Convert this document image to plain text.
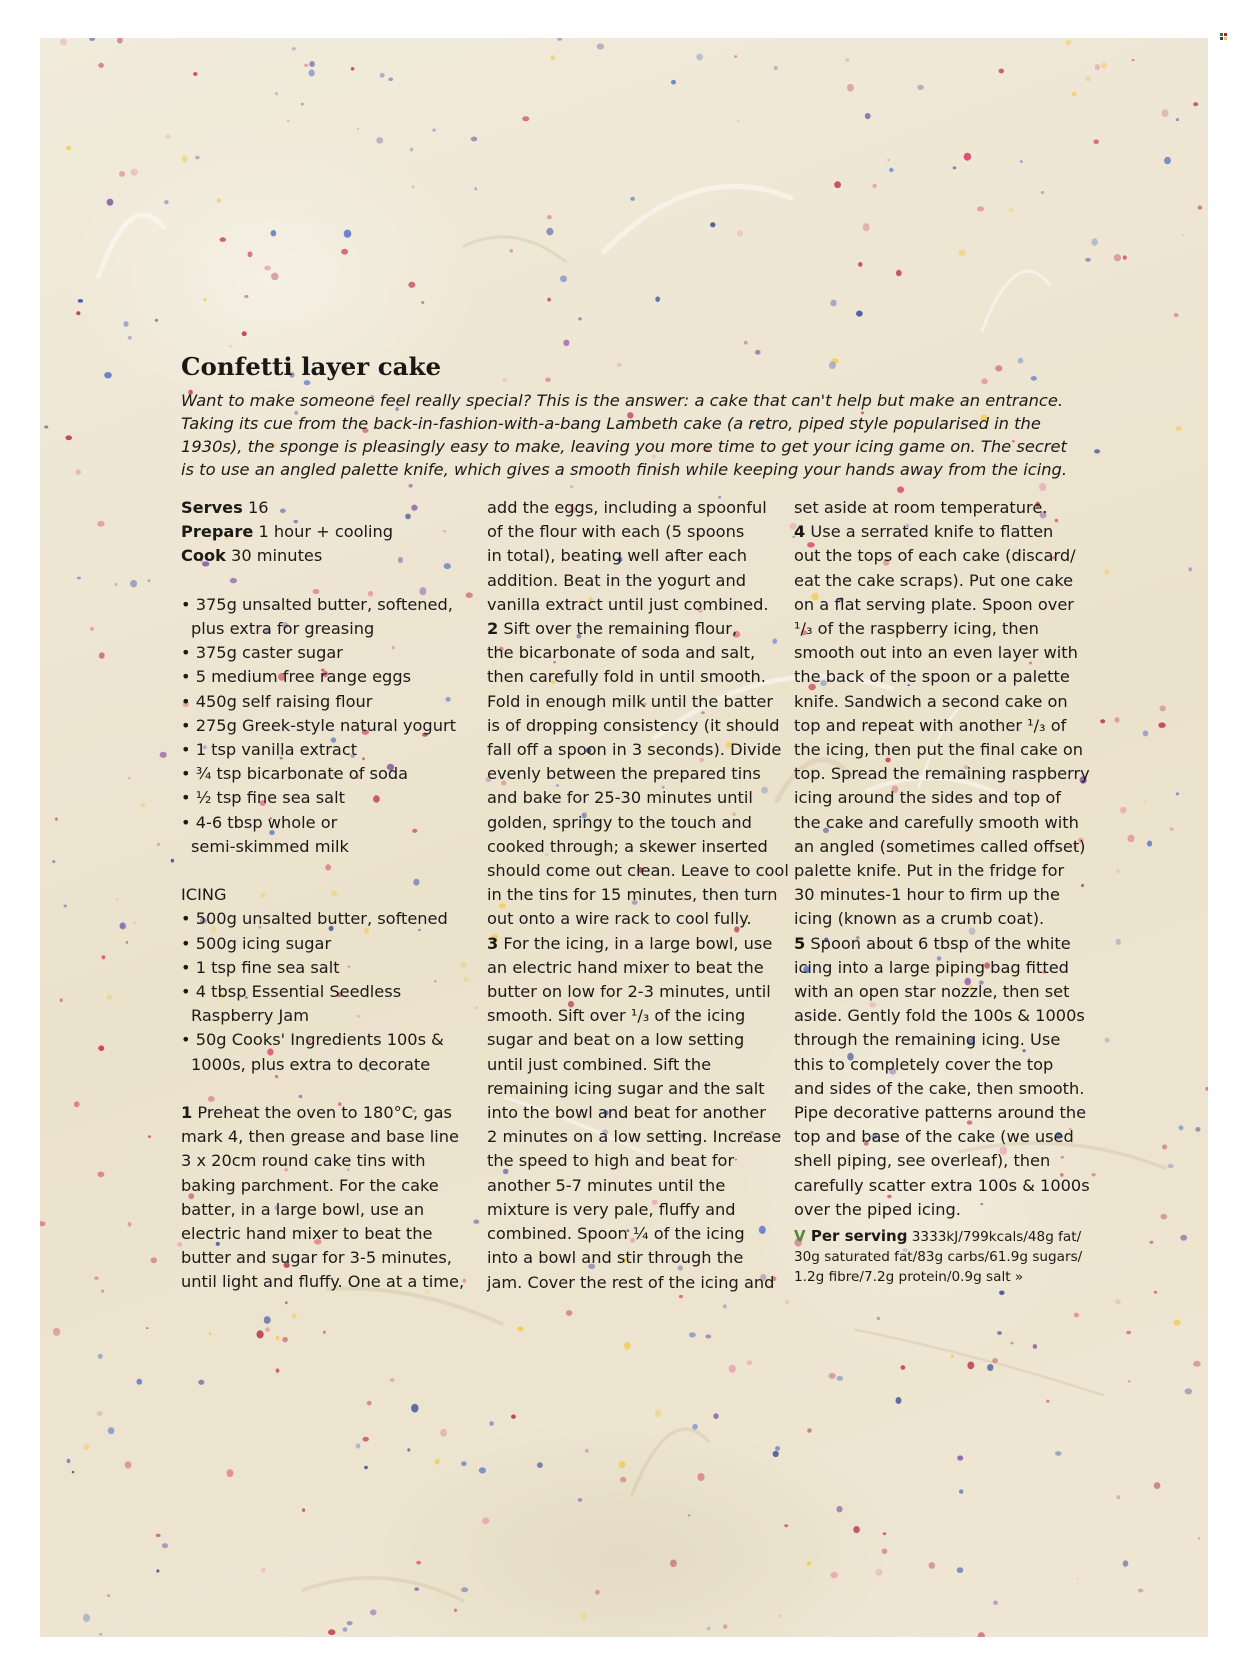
Confetti layer cake
Want to make someone feel really special? This is the answer: a cake that can't help but make an entrance.
Taking its cue from the back-in-fashion-with-a-bang Lambeth cake (a retro, piped style popularised in the
1930s), the sponge is pleasingly easy to make, leaving you more time to get your icing game on. The secret
is to use an angled palette knife, which gives a smooth finish while keeping your hands away from the icing.
Serves 16
Prepare 1 hour + cooling
Cook 30 minutes
• 375g unsalted butter, softened,
plus extra for greasing
• 375g caster sugar
• 5 medium free range eggs
• 450g self raising flour
• 275g Greek-style natural yogurt
• 1 tsp vanilla extract
• ¾ tsp bicarbonate of soda
• ½ tsp fine sea salt
• 4-6 tbsp whole or
semi-skimmed milk
ICING
• 500g unsalted butter, softened
• 500g icing sugar
• 1 tsp fine sea salt
• 4 tbsp Essential Seedless
Raspberry Jam
• 50g Cooks' Ingredients 100s &
1000s, plus extra to decorate
1 Preheat the oven to 180°C, gas
mark 4, then grease and base line
3 x 20cm round cake tins with
baking parchment. For the cake
batter, in a large bowl, use an
electric hand mixer to beat the
butter and sugar for 3-5 minutes,
until light and fluffy. One at a time,
add the eggs, including a spoonful
of the flour with each (5 spoons
in total), beating well after each
addition. Beat in the yogurt and
vanilla extract until just combined.
2 Sift over the remaining flour,
the bicarbonate of soda and salt,
then carefully fold in until smooth.
Fold in enough milk until the batter
is of dropping consistency (it should
fall off a spoon in 3 seconds). Divide
evenly between the prepared tins
and bake for 25-30 minutes until
golden, springy to the touch and
cooked through; a skewer inserted
should come out clean. Leave to cool
in the tins for 15 minutes, then turn
out onto a wire rack to cool fully.
3 For the icing, in a large bowl, use
an electric hand mixer to beat the
butter on low for 2-3 minutes, until
smooth. Sift over ¹/₃ of the icing
sugar and beat on a low setting
until just combined. Sift the
remaining icing sugar and the salt
into the bowl and beat for another
2 minutes on a low setting. Increase
the speed to high and beat for
another 5-7 minutes until the
mixture is very pale, fluffy and
combined. Spoon ¼ of the icing
into a bowl and stir through the
jam. Cover the rest of the icing and
set aside at room temperature.
4 Use a serrated knife to flatten
out the tops of each cake (discard/
eat the cake scraps). Put one cake
on a flat serving plate. Spoon over
¹/₃ of the raspberry icing, then
smooth out into an even layer with
the back of the spoon or a palette
knife. Sandwich a second cake on
top and repeat with another ¹/₃ of
the icing, then put the final cake on
top. Spread the remaining raspberry
icing around the sides and top of
the cake and carefully smooth with
an angled (sometimes called offset)
palette knife. Put in the fridge for
30 minutes-1 hour to firm up the
icing (known as a crumb coat).
5 Spoon about 6 tbsp of the white
icing into a large piping bag fitted
with an open star nozzle, then set
aside. Gently fold the 100s & 1000s
through the remaining icing. Use
this to completely cover the top
and sides of the cake, then smooth.
Pipe decorative patterns around the
top and base of the cake (we used
shell piping, see overleaf), then
carefully scatter extra 100s & 1000s
over the piped icing.
V Per serving 3333kJ/799kcals/48g fat/
30g saturated fat/83g carbs/61.9g sugars/
1.2g fibre/7.2g protein/0.9g salt »
